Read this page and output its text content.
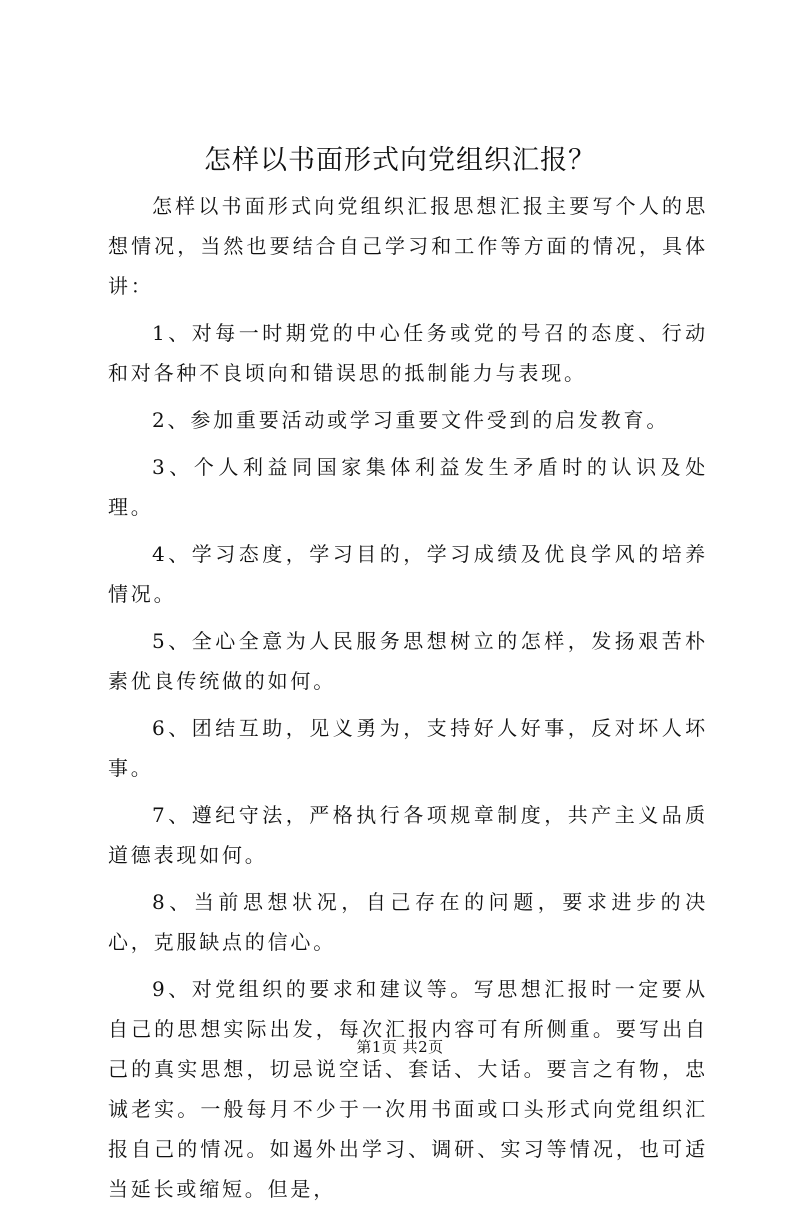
怎样以书面形式向党组织汇报？

怎样以书面形式向党组织汇报思想汇报主要写个人的思想情况，当然也要结合自己学习和工作等方面的情况，具体讲：

1、对每一时期党的中心任务或党的号召的态度、行动和对各种不良顷向和错误思的抵制能力与表现。

2、参加重要活动或学习重要文件受到的启发教育。

3、个人利益同国家集体利益发生矛盾时的认识及处理。

4、学习态度，学习目的，学习成绩及优良学风的培养情况。

5、全心全意为人民服务思想树立的怎样，发扬艰苦朴素优良传统做的如何。

6、团结互助，见义勇为，支持好人好事，反对坏人坏事。

7、遵纪守法，严格执行各项规章制度，共产主义品质道德表现如何。

8、当前思想状况，自己存在的问题，要求进步的决心，克服缺点的信心。

9、对党组织的要求和建议等。写思想汇报时一定要从自己的思想实际出发，每次汇报内容可有所侧重。要写出自己的真实思想，切忌说空话、套话、大话。要言之有物，忠诚老实。一般每月不少于一次用书面或口头形式向党组织汇报自己的情况。如遏外出学习、调研、实习等情况，也可适当延长或缩短。但是，

第1页 共2页
